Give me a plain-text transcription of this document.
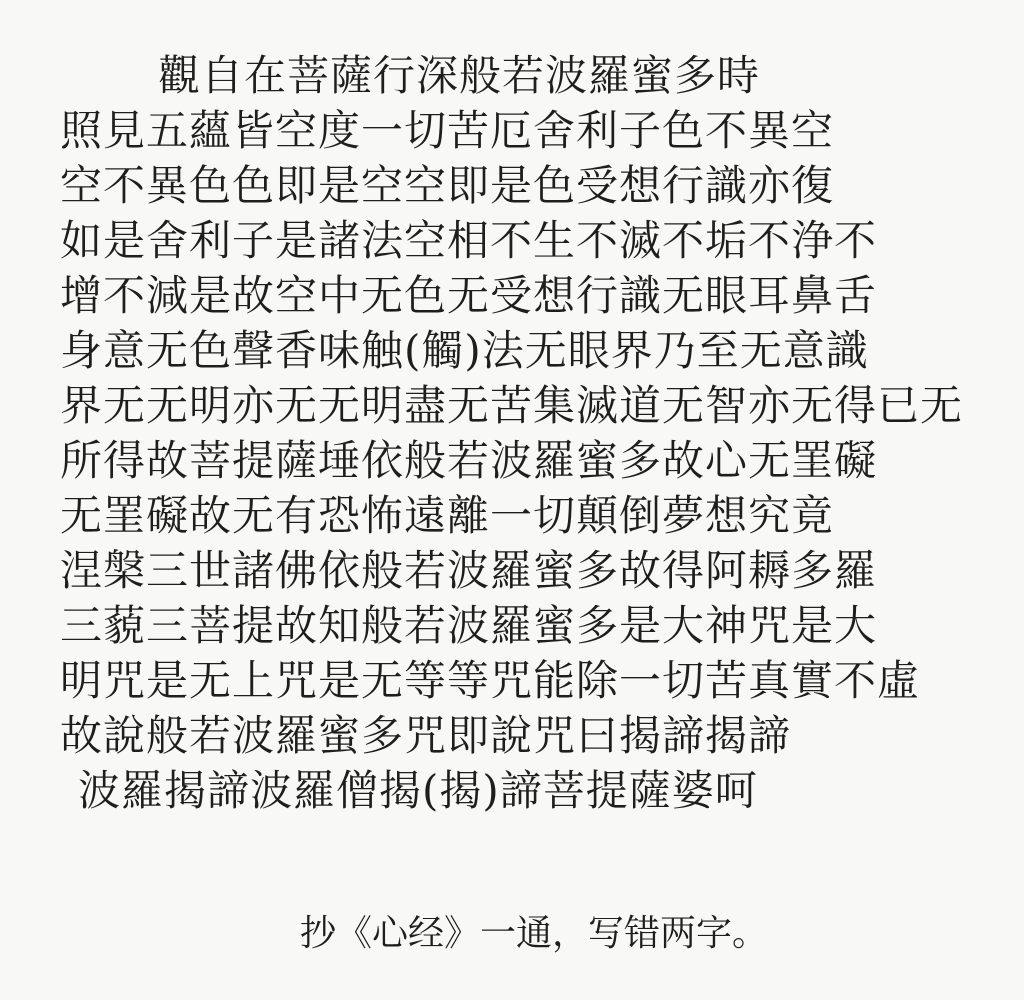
觀自在菩薩行深般若波羅蜜多時
照見五蘊皆空度一切苦厄舍利子色不異空
空不異色色即是空空即是色受想行識亦復
如是舍利子是諸法空相不生不滅不垢不浄不
增不減是故空中无色无受想行識无眼耳鼻舌
身意无色聲香味触(觸)法无眼界乃至无意識
界无无明亦无无明盡无苦集滅道无智亦无得已无
所得故菩提薩埵依般若波羅蜜多故心无罣礙
无罣礙故无有恐怖遠離一切顛倒夢想究竟
涅槃三世諸佛依般若波羅蜜多故得阿耨多羅
三藐三菩提故知般若波羅蜜多是大神咒是大
明咒是无上咒是无等等咒能除一切苦真實不虛
故說般若波羅蜜多咒即說咒曰揭諦揭諦
波羅揭諦波羅僧揭(揭)諦菩提薩婆呵
抄《心经》一通，写错两字。
